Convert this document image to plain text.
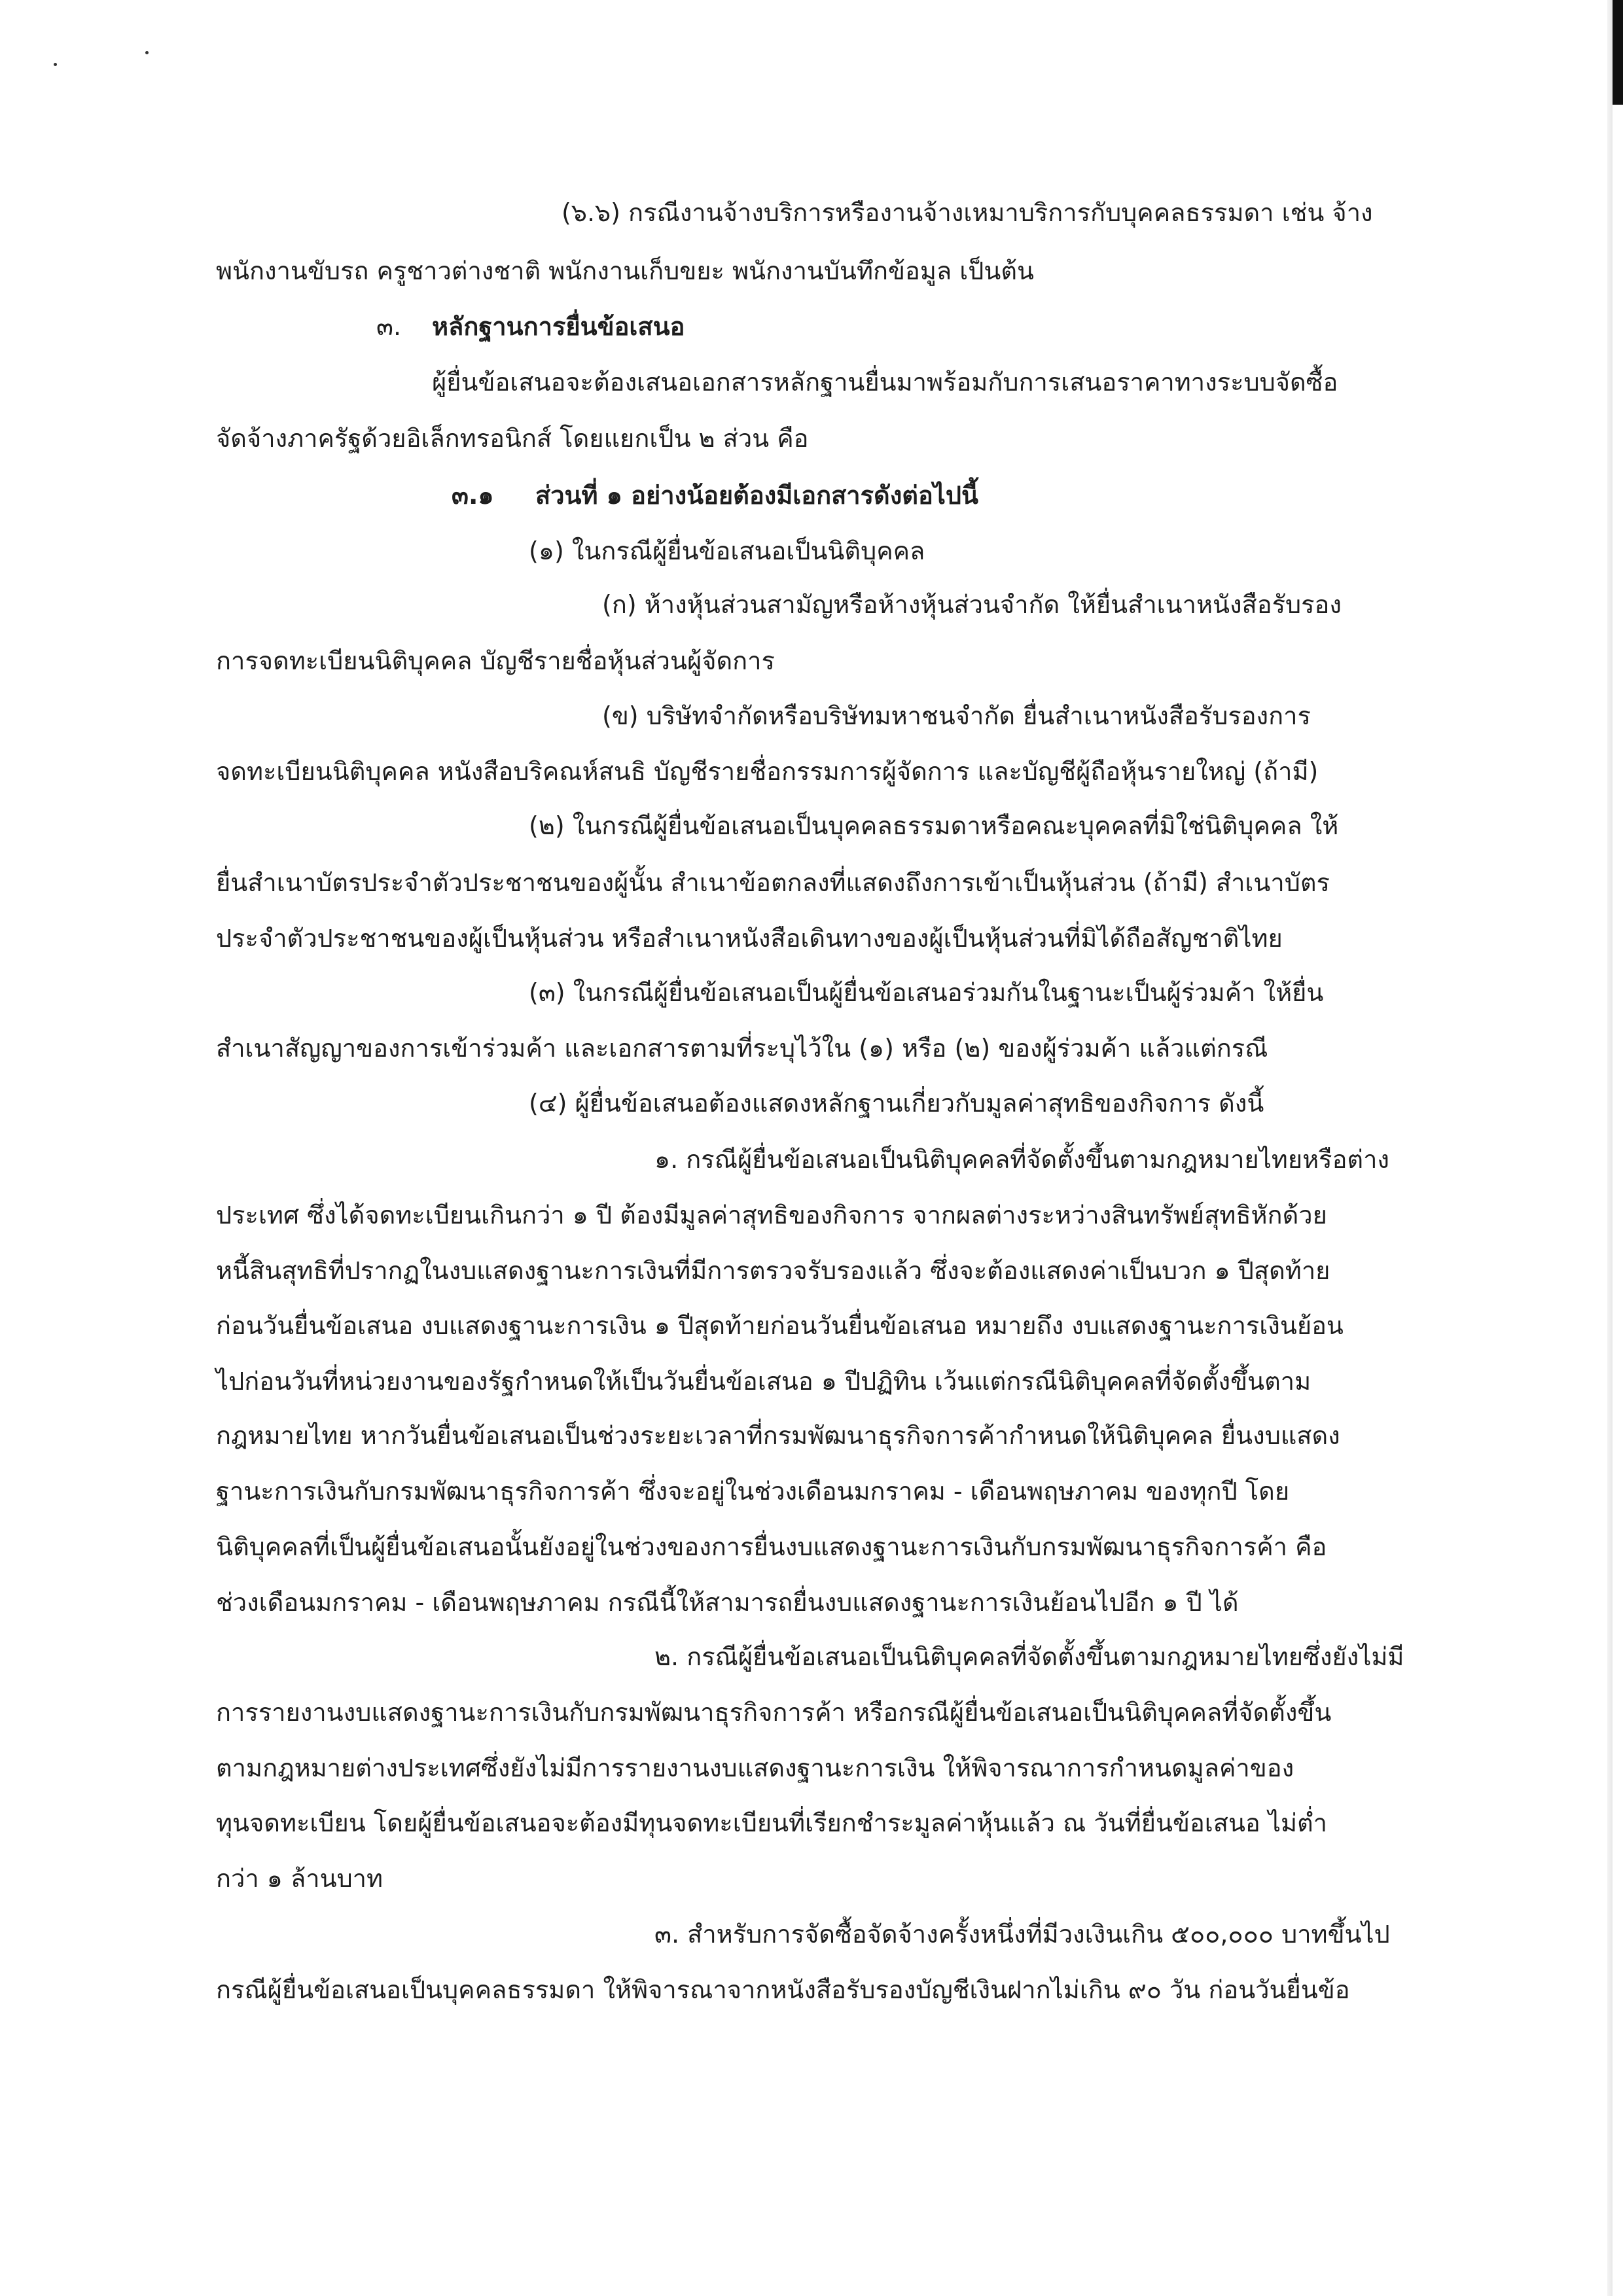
(๖.๖) กรณีงานจ้างบริการหรืองานจ้างเหมาบริการกับบุคคลธรรมดา เช่น จ้าง
พนักงานขับรถ ครูชาวต่างชาติ พนักงานเก็บขยะ พนักงานบันทึกข้อมูล เป็นต้น
๓. หลักฐานการยื่นข้อเสนอ
ผู้ยื่นข้อเสนอจะต้องเสนอเอกสารหลักฐานยื่นมาพร้อมกับการเสนอราคาทางระบบจัดซื้อ
จัดจ้างภาครัฐด้วยอิเล็กทรอนิกส์ โดยแยกเป็น ๒ ส่วน คือ
๓.๑ ส่วนที่ ๑ อย่างน้อยต้องมีเอกสารดังต่อไปนี้
(๑) ในกรณีผู้ยื่นข้อเสนอเป็นนิติบุคคล
(ก) ห้างหุ้นส่วนสามัญหรือห้างหุ้นส่วนจำกัด ให้ยื่นสำเนาหนังสือรับรอง
การจดทะเบียนนิติบุคคล บัญชีรายชื่อหุ้นส่วนผู้จัดการ
(ข) บริษัทจำกัดหรือบริษัทมหาชนจำกัด ยื่นสำเนาหนังสือรับรองการ
จดทะเบียนนิติบุคคล หนังสือบริคณห์สนธิ บัญชีรายชื่อกรรมการผู้จัดการ และบัญชีผู้ถือหุ้นรายใหญ่ (ถ้ามี)
(๒) ในกรณีผู้ยื่นข้อเสนอเป็นบุคคลธรรมดาหรือคณะบุคคลที่มิใช่นิติบุคคล ให้
ยื่นสำเนาบัตรประจำตัวประชาชนของผู้นั้น สำเนาข้อตกลงที่แสดงถึงการเข้าเป็นหุ้นส่วน (ถ้ามี) สำเนาบัตร
ประจำตัวประชาชนของผู้เป็นหุ้นส่วน หรือสำเนาหนังสือเดินทางของผู้เป็นหุ้นส่วนที่มิได้ถือสัญชาติไทย
(๓) ในกรณีผู้ยื่นข้อเสนอเป็นผู้ยื่นข้อเสนอร่วมกันในฐานะเป็นผู้ร่วมค้า ให้ยื่น
สำเนาสัญญาของการเข้าร่วมค้า และเอกสารตามที่ระบุไว้ใน (๑) หรือ (๒) ของผู้ร่วมค้า แล้วแต่กรณี
(๔) ผู้ยื่นข้อเสนอต้องแสดงหลักฐานเกี่ยวกับมูลค่าสุทธิของกิจการ ดังนี้
๑. กรณีผู้ยื่นข้อเสนอเป็นนิติบุคคลที่จัดตั้งขึ้นตามกฎหมายไทยหรือต่าง
ประเทศ ซึ่งได้จดทะเบียนเกินกว่า ๑ ปี ต้องมีมูลค่าสุทธิของกิจการ จากผลต่างระหว่างสินทรัพย์สุทธิหักด้วย
หนี้สินสุทธิที่ปรากฏในงบแสดงฐานะการเงินที่มีการตรวจรับรองแล้ว ซึ่งจะต้องแสดงค่าเป็นบวก ๑ ปีสุดท้าย
ก่อนวันยื่นข้อเสนอ งบแสดงฐานะการเงิน ๑ ปีสุดท้ายก่อนวันยื่นข้อเสนอ หมายถึง งบแสดงฐานะการเงินย้อน
ไปก่อนวันที่หน่วยงานของรัฐกำหนดให้เป็นวันยื่นข้อเสนอ ๑ ปีปฏิทิน เว้นแต่กรณีนิติบุคคลที่จัดตั้งขึ้นตาม
กฎหมายไทย หากวันยื่นข้อเสนอเป็นช่วงระยะเวลาที่กรมพัฒนาธุรกิจการค้ากำหนดให้นิติบุคคล ยื่นงบแสดง
ฐานะการเงินกับกรมพัฒนาธุรกิจการค้า ซึ่งจะอยู่ในช่วงเดือนมกราคม - เดือนพฤษภาคม ของทุกปี โดย
นิติบุคคลที่เป็นผู้ยื่นข้อเสนอนั้นยังอยู่ในช่วงของการยื่นงบแสดงฐานะการเงินกับกรมพัฒนาธุรกิจการค้า คือ
ช่วงเดือนมกราคม - เดือนพฤษภาคม กรณีนี้ให้สามารถยื่นงบแสดงฐานะการเงินย้อนไปอีก ๑ ปี ได้
๒. กรณีผู้ยื่นข้อเสนอเป็นนิติบุคคลที่จัดตั้งขึ้นตามกฎหมายไทยซึ่งยังไม่มี
การรายงานงบแสดงฐานะการเงินกับกรมพัฒนาธุรกิจการค้า หรือกรณีผู้ยื่นข้อเสนอเป็นนิติบุคคลที่จัดตั้งขึ้น
ตามกฎหมายต่างประเทศซึ่งยังไม่มีการรายงานงบแสดงฐานะการเงิน ให้พิจารณาการกำหนดมูลค่าของ
ทุนจดทะเบียน โดยผู้ยื่นข้อเสนอจะต้องมีทุนจดทะเบียนที่เรียกชำระมูลค่าหุ้นแล้ว ณ วันที่ยื่นข้อเสนอ ไม่ต่ำ
กว่า ๑ ล้านบาท
๓. สำหรับการจัดซื้อจัดจ้างครั้งหนึ่งที่มีวงเงินเกิน ๕๐๐,๐๐๐ บาทขึ้นไป
กรณีผู้ยื่นข้อเสนอเป็นบุคคลธรรมดา ให้พิจารณาจากหนังสือรับรองบัญชีเงินฝากไม่เกิน ๙๐ วัน ก่อนวันยื่นข้อ
